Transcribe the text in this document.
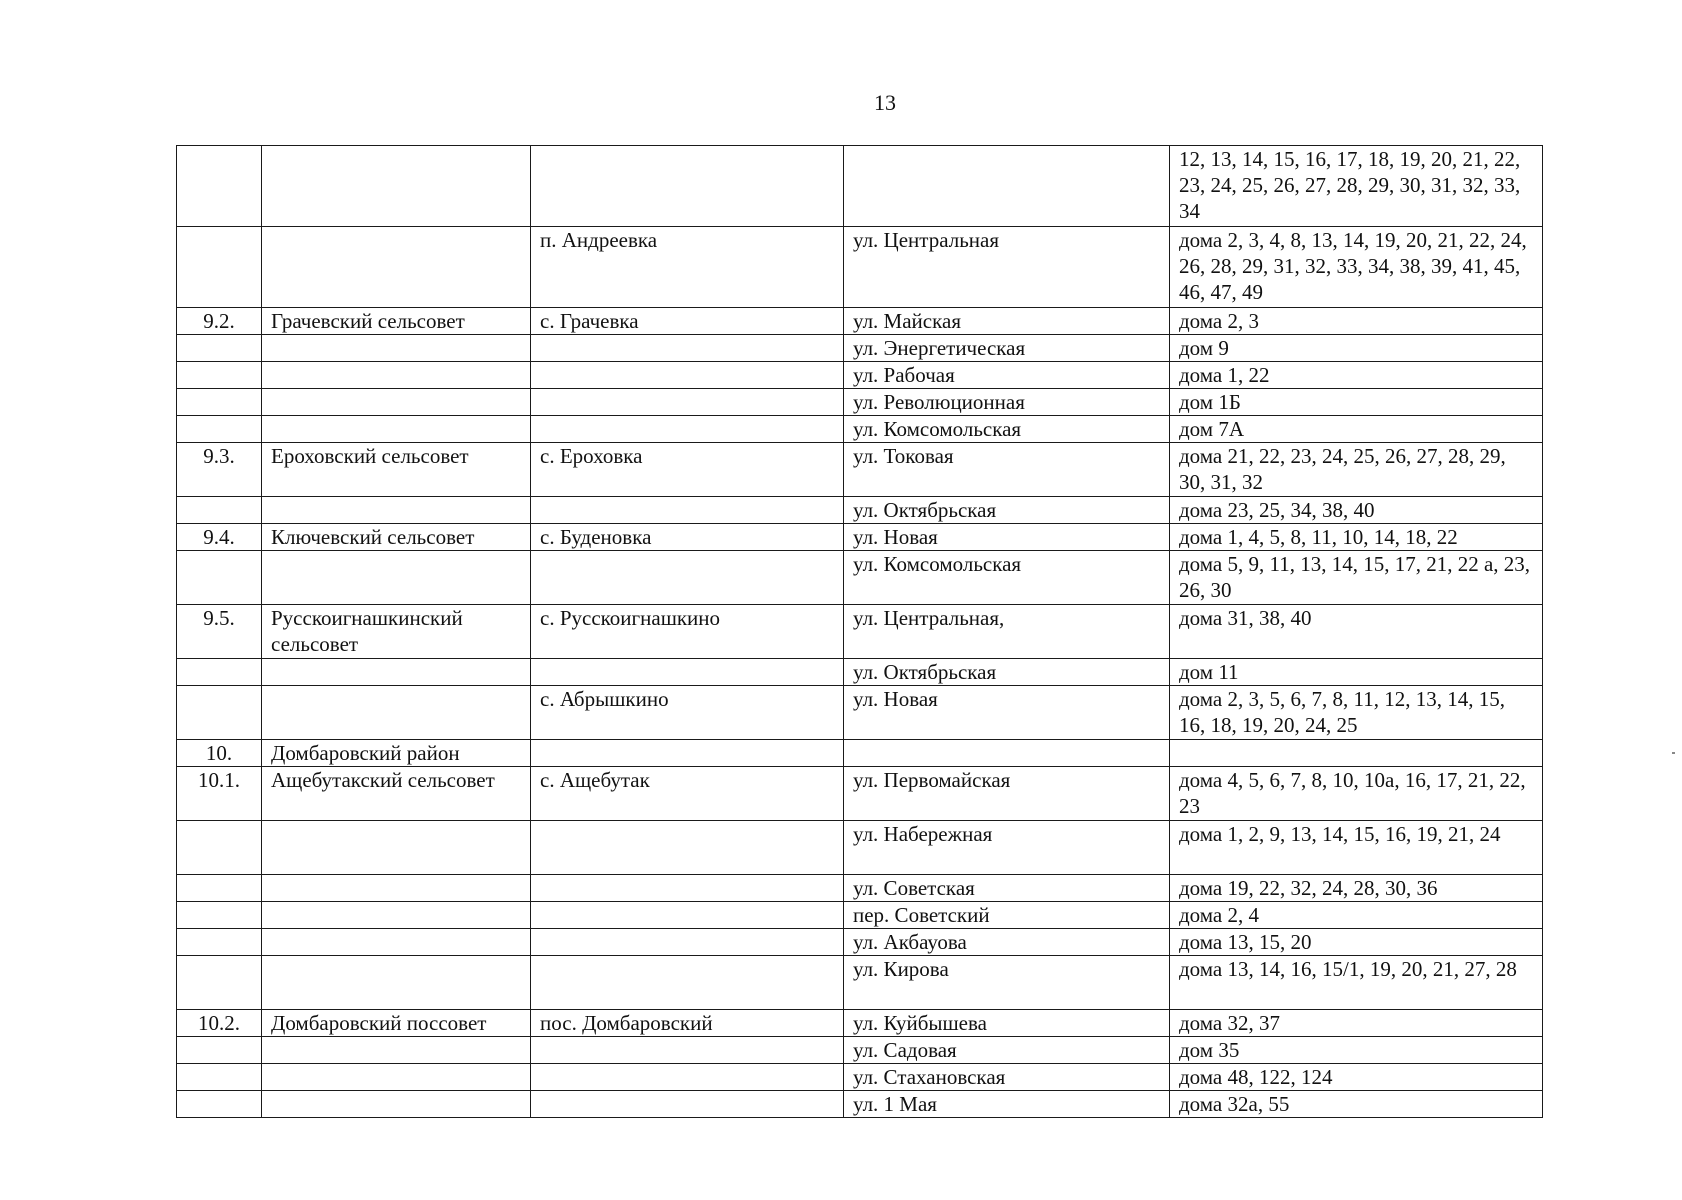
13
				12, 13, 14, 15, 16, 17, 18, 19, 20, 21, 22, 23, 24, 25, 26, 27, 28, 29, 30, 31, 32, 33, 34
		п. Андреевка	ул. Центральная	дома 2, 3, 4, 8, 13, 14, 19, 20, 21, 22, 24, 26, 28, 29, 31, 32, 33, 34, 38, 39, 41, 45, 46, 47, 49
9.2.	Грачевский сельсовет	с. Грачевка	ул. Майская	дома 2, 3
			ул. Энергетическая	дом 9
			ул. Рабочая	дома 1, 22
			ул. Революционная	дом 1Б
			ул. Комсомольская	дом 7А
9.3.	Ероховский сельсовет	с. Ероховка	ул. Токовая	дома 21, 22, 23, 24, 25, 26, 27, 28, 29, 30, 31, 32
			ул. Октябрьская	дома 23, 25, 34, 38, 40
9.4.	Ключевский сельсовет	с. Буденовка	ул. Новая	дома 1, 4, 5, 8, 11, 10, 14, 18, 22
			ул. Комсомольская	дома 5, 9, 11, 13, 14, 15, 17, 21, 22 а, 23, 26, 30
9.5.	Русскоигнашкинский сельсовет	с. Русскоигнашкино	ул. Центральная,	дома 31, 38, 40
			ул. Октябрьская	дом 11
		с. Абрышкино	ул. Новая	дома 2, 3, 5, 6, 7, 8, 11, 12, 13, 14, 15, 16, 18, 19, 20, 24, 25
10.	Домбаровский район			
10.1.	Ащебутакский сельсовет	с. Ащебутак	ул. Первомайская	дома 4, 5, 6, 7, 8, 10, 10а, 16, 17, 21, 22, 23
			ул. Набережная	дома 1, 2, 9, 13, 14, 15, 16, 19, 21, 24
			ул. Советская	дома 19, 22, 32, 24, 28, 30, 36
			пер. Советский	дома 2, 4
			ул. Акбауова	дома 13, 15, 20
			ул. Кирова	дома 13, 14, 16, 15/1, 19, 20, 21, 27, 28
10.2.	Домбаровский поссовет	пос. Домбаровский	ул. Куйбышева	дома 32, 37
			ул. Садовая	дом 35
			ул. Стахановская	дома 48, 122, 124
			ул. 1 Мая	дома 32а, 55
